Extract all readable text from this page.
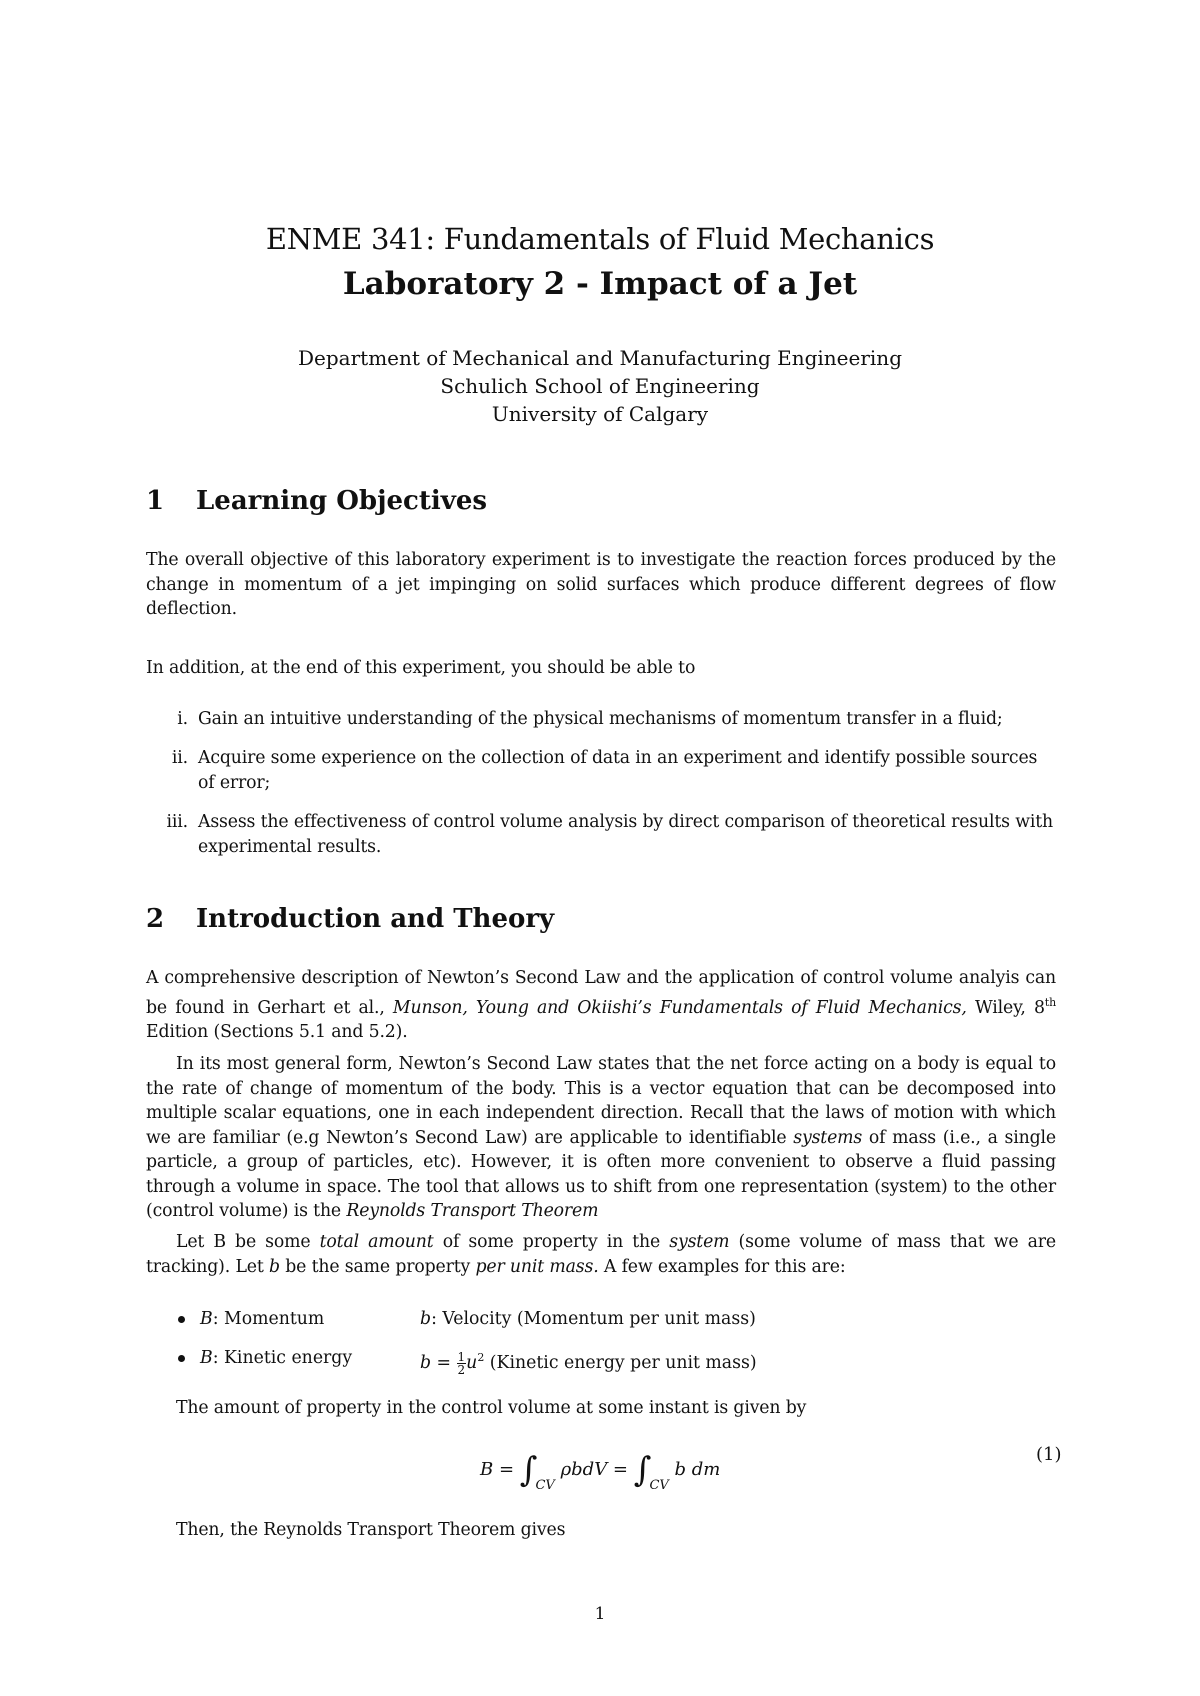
ENME 341: Fundamentals of Fluid Mechanics
Laboratory 2 - Impact of a Jet
Department of Mechanical and Manufacturing Engineering
Schulich School of Engineering
University of Calgary
1 Learning Objectives
The overall objective of this laboratory experiment is to investigate the reaction forces produced by the change in momentum of a jet impinging on solid surfaces which produce different degrees of flow deflection.
In addition, at the end of this experiment, you should be able to
i. Gain an intuitive understanding of the physical mechanisms of momentum transfer in a fluid;
ii. Acquire some experience on the collection of data in an experiment and identify possible sources of error;
iii. Assess the effectiveness of control volume analysis by direct comparison of theoretical results with experimental results.
2 Introduction and Theory
A comprehensive description of Newton’s Second Law and the application of control volume analyis can be found in Gerhart et al., Munson, Young and Okiishi’s Fundamentals of Fluid Mechanics, Wiley, 8th Edition (Sections 5.1 and 5.2).
In its most general form, Newton’s Second Law states that the net force acting on a body is equal to the rate of change of momentum of the body. This is a vector equation that can be decomposed into multiple scalar equations, one in each independent direction. Recall that the laws of motion with which we are familiar (e.g Newton’s Second Law) are applicable to identifiable systems of mass (i.e., a single particle, a group of particles, etc). However, it is often more convenient to observe a fluid passing through a volume in space. The tool that allows us to shift from one representation (system) to the other (control volume) is the Reynolds Transport Theorem
Let B be some total amount of some property in the system (some volume of mass that we are tracking). Let b be the same property per unit mass. A few examples for this are:
B: Momentum	b: Velocity (Momentum per unit mass)
B: Kinetic energy	$b = \frac{1}{2} u^2$ (Kinetic energy per unit mass)
The amount of property in the control volume at some instant is given by
$B = \int_{CV}$ $\rho bdV = \int_{CV}$ b dm
(1)
Then, the Reynolds Transport Theorem gives
1
